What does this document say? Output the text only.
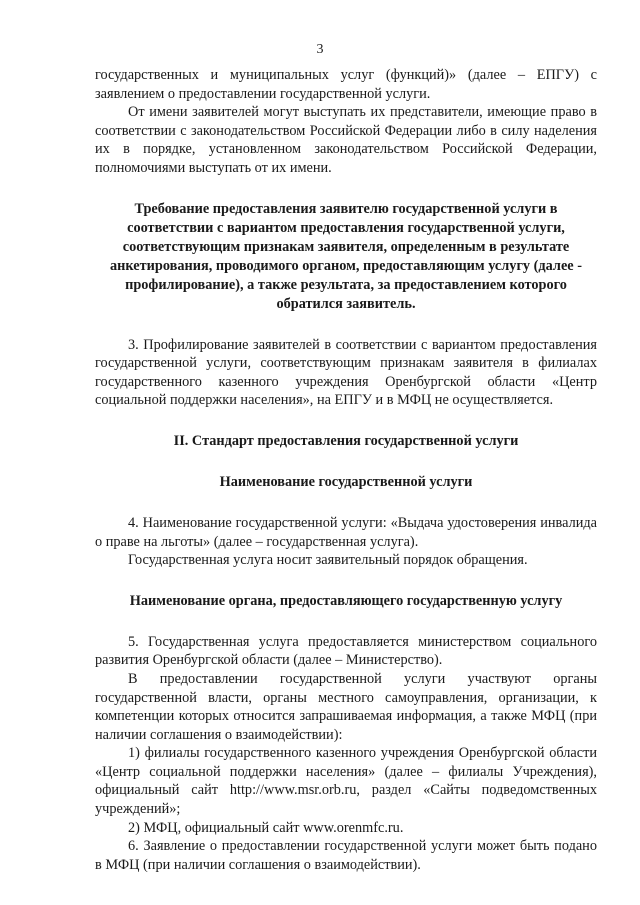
3

государственных и муниципальных услуг (функций)» (далее – ЕПГУ) с заявлением о предоставлении государственной услуги.

От имени заявителей могут выступать их представители, имеющие право в соответствии с законодательством Российской Федерации либо в силу наделения их в порядке, установленном законодательством Российской Федерации, полномочиями выступать от их имени.

Требование предоставления заявителю государственной услуги в соответствии с вариантом предоставления государственной услуги, соответствующим признакам заявителя, определенным в результате анкетирования, проводимого органом, предоставляющим услугу (далее - профилирование), а также результата, за предоставлением которого обратился заявитель.

3. Профилирование заявителей в соответствии с вариантом предоставления государственной услуги, соответствующим признакам заявителя в филиалах государственного казенного учреждения Оренбургской области «Центр социальной поддержки населения», на ЕПГУ и в МФЦ не осуществляется.

II. Стандарт предоставления государственной услуги

Наименование государственной услуги

4. Наименование государственной услуги: «Выдача удостоверения инвалида о праве на льготы» (далее – государственная услуга).

Государственная услуга носит заявительный порядок обращения.

Наименование органа, предоставляющего государственную услугу

5. Государственная услуга предоставляется министерством социального развития Оренбургской области (далее – Министерство).

В предоставлении государственной услуги участвуют органы государственной власти, органы местного самоуправления, организации, к компетенции которых относится запрашиваемая информация, а также МФЦ (при наличии соглашения о взаимодействии):

1) филиалы государственного казенного учреждения Оренбургской области «Центр социальной поддержки населения» (далее – филиалы Учреждения), официальный сайт http://www.msr.orb.ru, раздел «Сайты подведомственных учреждений»;

2) МФЦ, официальный сайт www.orenmfc.ru.

6. Заявление о предоставлении государственной услуги может быть подано в МФЦ (при наличии соглашения о взаимодействии).
